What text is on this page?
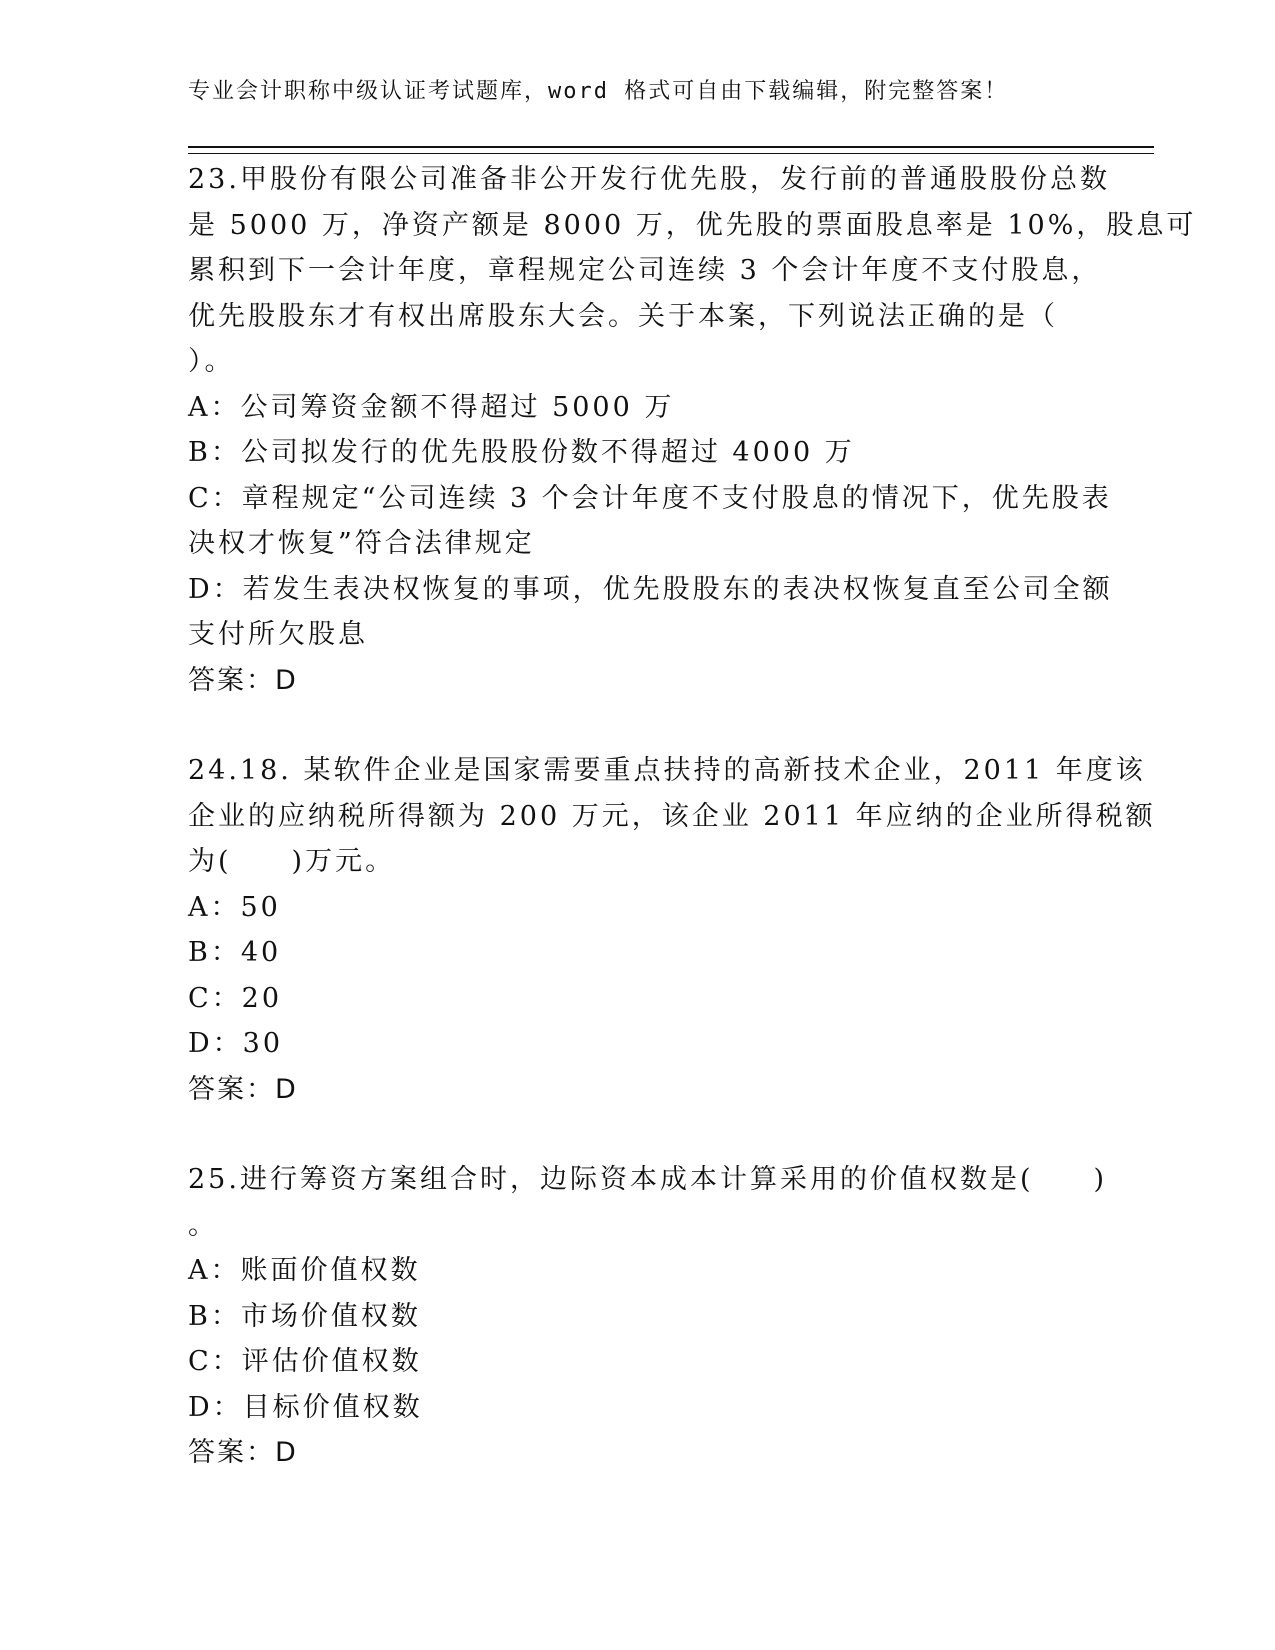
专业会计职称中级认证考试题库，word 格式可自由下载编辑，附完整答案！
23.甲股份有限公司准备非公开发行优先股，发行前的普通股股份总数
是 5000 万，净资产额是 8000 万，优先股的票面股息率是 10%，股息可
累积到下一会计年度，章程规定公司连续 3 个会计年度不支付股息，
优先股股东才有权出席股东大会。关于本案，下列说法正确的是（
）。
A：公司筹资金额不得超过 5000 万
B：公司拟发行的优先股股份数不得超过 4000 万
C：章程规定“公司连续 3 个会计年度不支付股息的情况下，优先股表
决权才恢复”符合法律规定
D：若发生表决权恢复的事项，优先股股东的表决权恢复直至公司全额
支付所欠股息
答案：D
24.18. 某软件企业是国家需要重点扶持的高新技术企业，2011 年度该
企业的应纳税所得额为 200 万元，该企业 2011 年应纳的企业所得税额
为(　　)万元。
A：50
B：40
C：20
D：30
答案：D
25.进行筹资方案组合时，边际资本成本计算采用的价值权数是(　　)
。
A：账面价值权数
B：市场价值权数
C：评估价值权数
D：目标价值权数
答案：D
